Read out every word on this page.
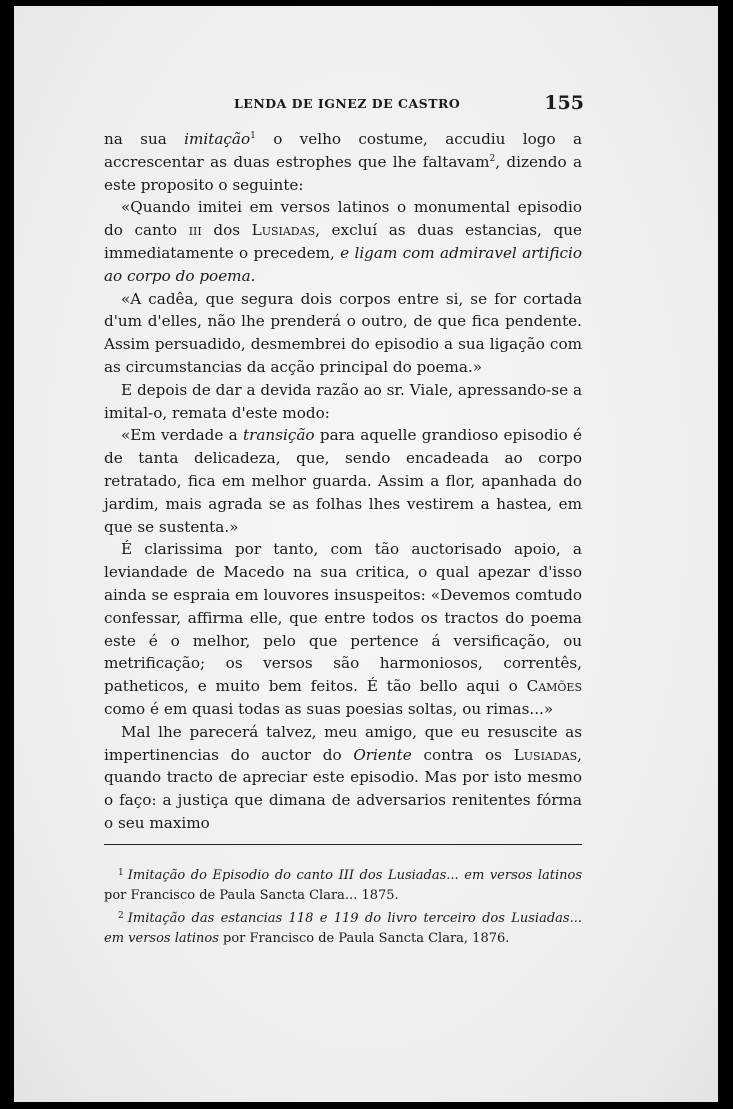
LENDA DE IGNEZ DE CASTRO	155

na sua imitação$^1$ o velho costume, accudiu logo a accrescentar as duas estrophes que lhe faltavam$^2$, dizendo a este proposito o seguinte:

«Quando imitei em versos latinos o monumental episodio do canto iii dos Lusiadas, excluí as duas estancias, que immediatamente o precedem, e ligam com admiravel artificio ao corpo do poema.

«A cadêa, que segura dois corpos entre si, se for cortada d'um d'elles, não lhe prenderá o outro, de que fica pendente. Assim persuadido, desmembrei do episodio a sua ligação com as circumstancias da acção principal do poema.»

E depois de dar a devida razão ao sr. Viale, apressando-se a imital-o, remata d'este modo:

«Em verdade a transição para aquelle grandioso episodio é de tanta delicadeza, que, sendo encadeada ao corpo retratado, fica em melhor guarda. Assim a flor, apanhada do jardim, mais agrada se as folhas lhes vestirem a hastea, em que se sustenta.»

É clarissima por tanto, com tão auctorisado apoio, a leviandade de Macedo na sua critica, o qual apezar d'isso ainda se espraia em louvores insuspeitos: «Devemos comtudo confessar, affirma elle, que entre todos os tractos do poema este é o melhor, pelo que pertence á versificação, ou metrificação; os versos são harmoniosos, correntês, patheticos, e muito bem feitos. É tão bello aqui o Camões como é em quasi todas as suas poesias soltas, ou rimas...»

Mal lhe parecerá talvez, meu amigo, que eu resuscite as impertinencias do auctor do Oriente contra os Lusiadas, quando tracto de apreciar este episodio. Mas por isto mesmo o faço: a justiça que dimana de adversarios renitentes fórma o seu maximo

$^1$ Imitação do Episodio do canto III dos Lusiadas... em versos latinos por Francisco de Paula Sancta Clara... 1875.

$^2$ Imitação das estancias 118 e 119 do livro terceiro dos Lusiadas... em versos latinos por Francisco de Paula Sancta Clara, 1876.
